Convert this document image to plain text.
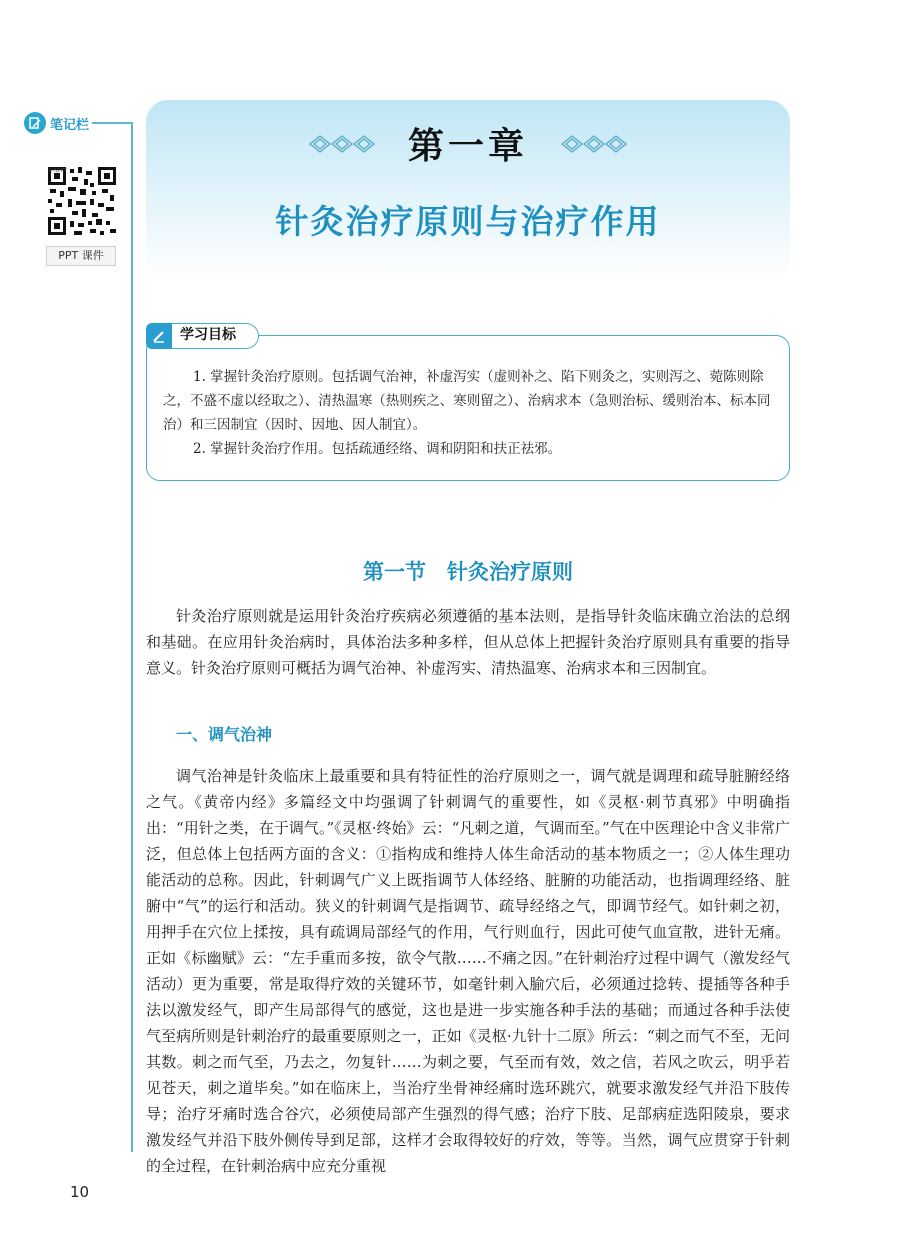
笔记栏
在线PPT
PPT 课件
第一章
针灸治疗原则与治疗作用
学习目标

1. 掌握针灸治疗原则。包括调气治神，补虚泻实（虚则补之、陷下则灸之，实则泻之、菀陈则除之，不盛不虚以经取之）、清热温寒（热则疾之、寒则留之）、治病求本（急则治标、缓则治本、标本同治）和三因制宜（因时、因地、因人制宜）。

2. 掌握针灸治疗作用。包括疏通经络、调和阴阳和扶正祛邪。

第一节　针灸治疗原则

针灸治疗原则就是运用针灸治疗疾病必须遵循的基本法则，是指导针灸临床确立治法的总纲和基础。在应用针灸治病时，具体治法多种多样，但从总体上把握针灸治疗原则具有重要的指导意义。针灸治疗原则可概括为调气治神、补虚泻实、清热温寒、治病求本和三因制宜。

一、调气治神

调气治神是针灸临床上最重要和具有特征性的治疗原则之一，调气就是调理和疏导脏腑经络之气。《黄帝内经》多篇经文中均强调了针刺调气的重要性，如《灵枢·刺节真邪》中明确指出：“用针之类，在于调气。”《灵枢·终始》云：“凡刺之道，气调而至。”气在中医理论中含义非常广泛，但总体上包括两方面的含义：①指构成和维持人体生命活动的基本物质之一；②人体生理功能活动的总称。因此，针刺调气广义上既指调节人体经络、脏腑的功能活动，也指调理经络、脏腑中“气”的运行和活动。狭义的针刺调气是指调节、疏导经络之气，即调节经气。如针刺之初，用押手在穴位上揉按，具有疏调局部经气的作用，气行则血行，因此可使气血宣散，进针无痛。正如《标幽赋》云：“左手重而多按，欲令气散……不痛之因。”在针刺治疗过程中调气（激发经气活动）更为重要，常是取得疗效的关键环节，如毫针刺入腧穴后，必须通过捻转、提插等各种手法以激发经气，即产生局部得气的感觉，这也是进一步实施各种手法的基础；而通过各种手法使气至病所则是针刺治疗的最重要原则之一，正如《灵枢·九针十二原》所云：“刺之而气不至，无问其数。刺之而气至，乃去之，勿复针……为刺之要，气至而有效，效之信，若风之吹云，明乎若见苍天，刺之道毕矣。”如在临床上，当治疗坐骨神经痛时选环跳穴，就要求激发经气并沿下肢传导；治疗牙痛时选合谷穴，必须使局部产生强烈的得气感；治疗下肢、足部病症选阳陵泉，要求激发经气并沿下肢外侧传导到足部，这样才会取得较好的疗效，等等。当然，调气应贯穿于针刺的全过程，在针刺治病中应充分重视

10
